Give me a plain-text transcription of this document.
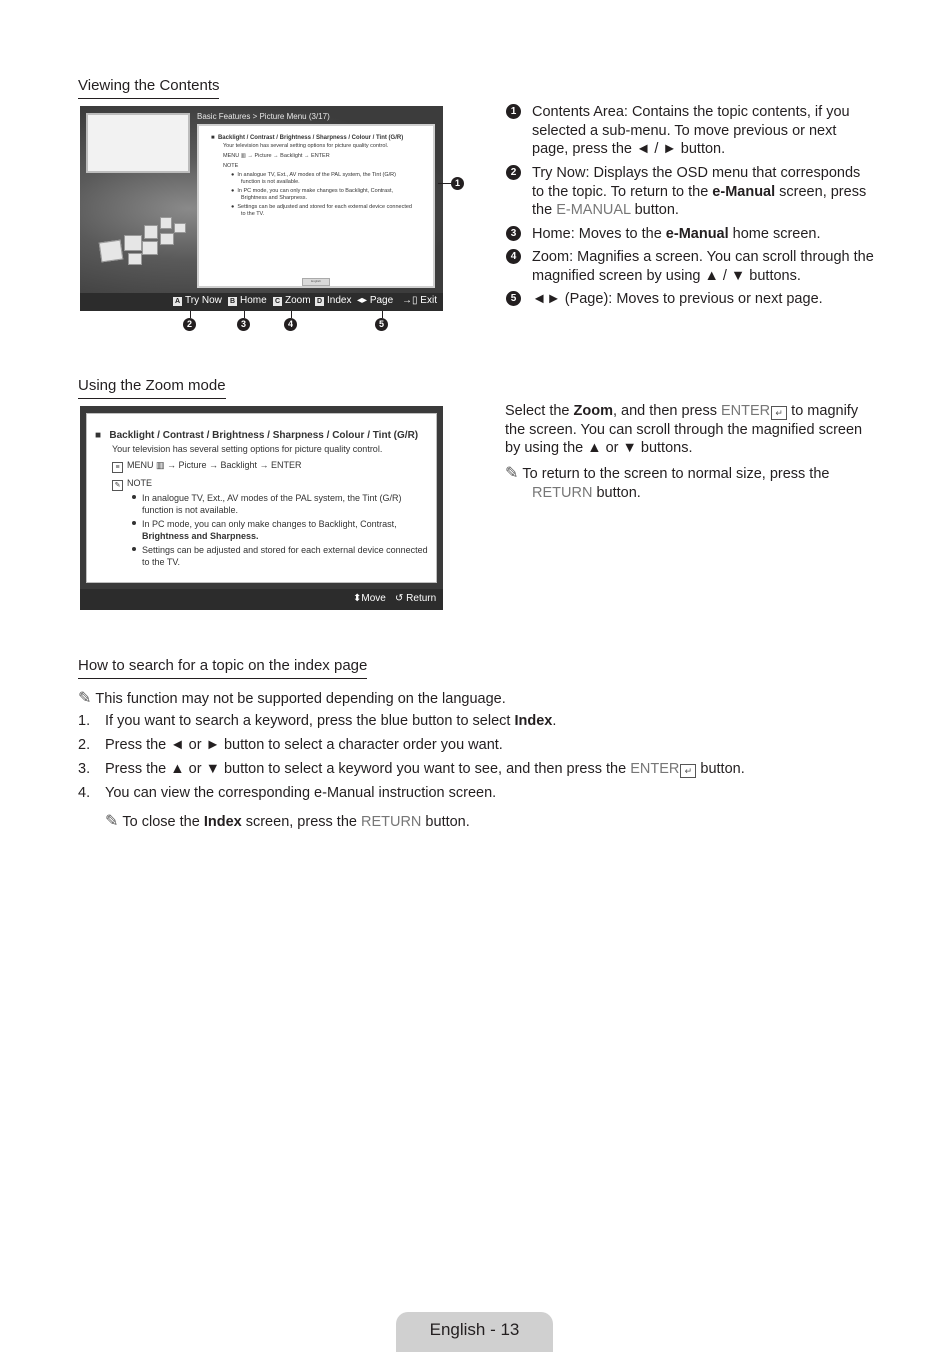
Viewing the Contents
Using the Zoom mode
How to search for a topic on the index page
Basic Features > Picture Menu (3/17)
■  Backlight / Contrast / Brightness / Sharpness / Colour / Tint (G/R)
Your television has several setting options for picture quality control.
MENU ▥ → Picture → Backlight → ENTER
NOTE
●  In analogue TV, Ext., AV modes of the PAL system, the Tint (G/R)
function is not available.
●  In PC mode, you can only make changes to Backlight, Contrast,
Brightness and Sharpness.
●  Settings can be adjusted and stored for each external device connected
to the TV.
English
A Try Now B Home C Zoom D Index ◂▸ Page →▯ Exit
1
2	3	4	5
1	Contents Area: Contains the topic contents, if you
selected a sub-menu. To move previous or next
page, press the ◄ / ► button.
2	Try Now: Displays the OSD menu that corresponds
to the topic. To return to the e-Manual screen, press
the E-MANUAL button.
3	Home: Moves to the e-Manual home screen.
4	Zoom: Magnifies a screen. You can scroll through the
magnified screen by using ▲ / ▼ buttons.
5	◄► (Page): Moves to previous or next page.
■   Backlight / Contrast / Brightness / Sharpness / Colour / Tint (G/R)
Your television has several setting options for picture quality control.
≡ MENU ▥ → Picture → Backlight → ENTER
✎ NOTE
In analogue TV, Ext., AV modes of the PAL system, the Tint (G/R)
function is not available.
In PC mode, you can only make changes to Backlight, Contrast,
Brightness and Sharpness.
Settings can be adjusted and stored for each external device connected
to the TV.
⬍Move ↺ Return
Select the Zoom, and then press ENTER ↵ to magnify
the screen. You can scroll through the magnified screen
by using the ▲ or ▼ buttons.
✎ To return to the screen to normal size, press the
RETURN button.
✎ This function may not be supported depending on the language.
1. If you want to search a keyword, press the blue button to select Index.
2. Press the ◄ or ► button to select a character order you want.
3. Press the ▲ or ▼ button to select a keyword you want to see, and then press the ENTER ↵ button.
4. You can view the corresponding e-Manual instruction screen.
✎ To close the Index screen, press the RETURN button.
English - 13
